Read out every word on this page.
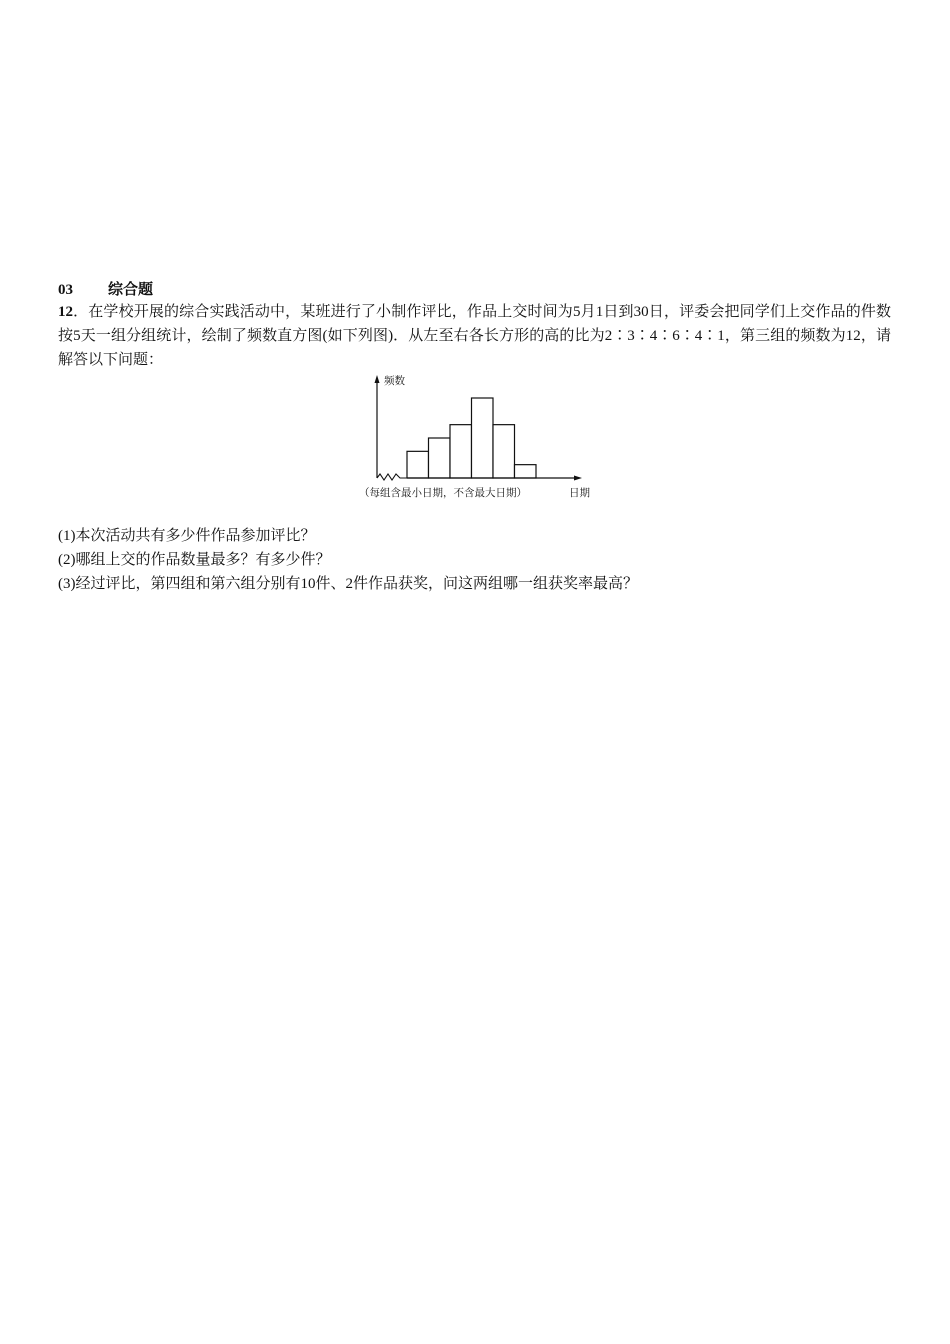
03 综合题
12．在学校开展的综合实践活动中，某班进行了小制作评比，作品上交时间为5月1日到30日，评委会把同学们上交作品的件数按5天一组分组统计，绘制了频数直方图(如下列图)．从左至右各长方形的高的比为2∶3∶4∶6∶4∶1，第三组的频数为12，请解答以下问题：
频数
（每组含最小日期，不含最大日期）	日期
(1)本次活动共有多少件作品参加评比？
(2)哪组上交的作品数量最多？有多少件？
(3)经过评比，第四组和第六组分别有10件、2件作品获奖，问这两组哪一组获奖率最高？
